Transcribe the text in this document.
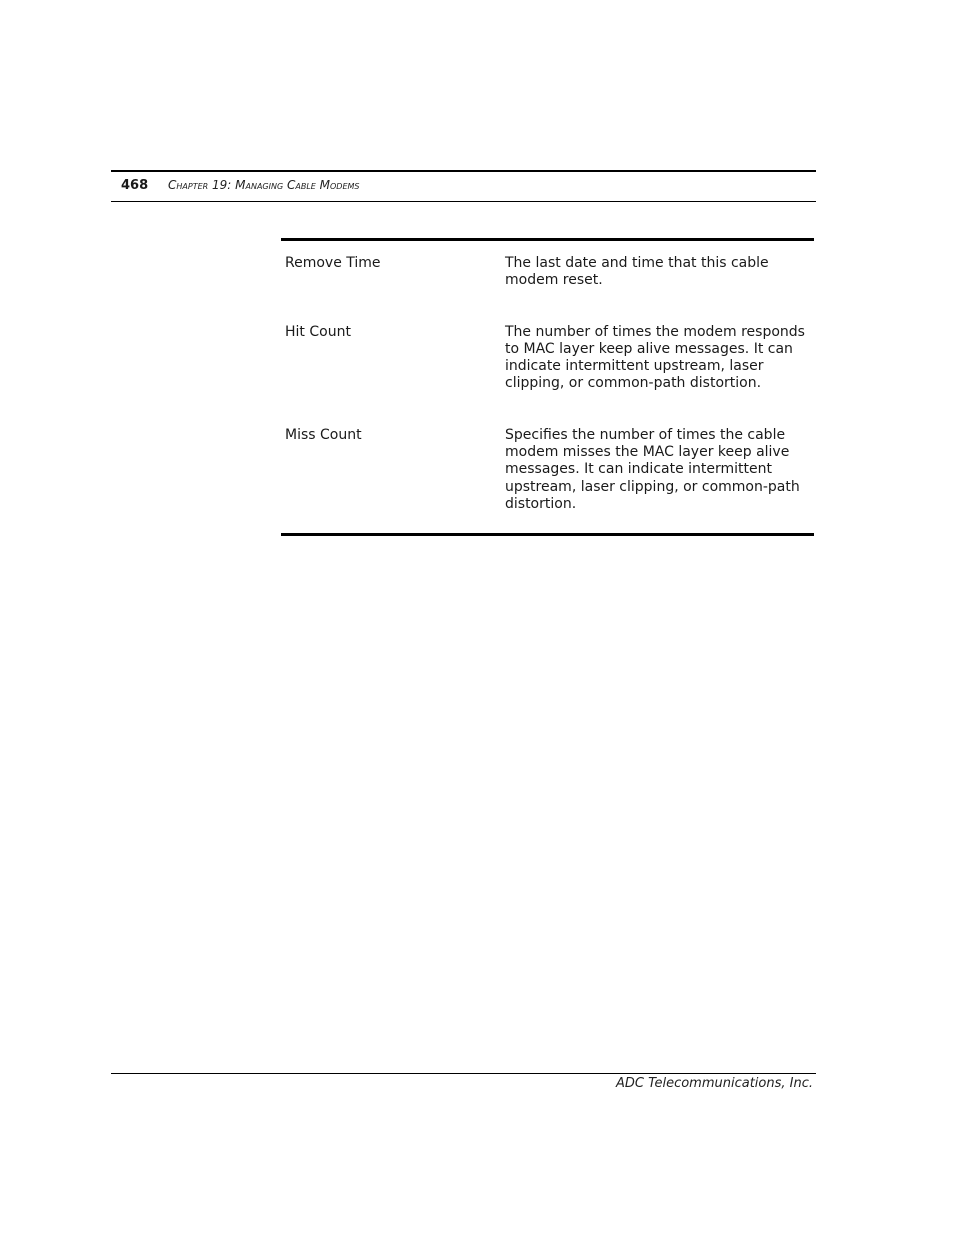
468 Chapter 19: Managing Cable Modems
Remove Time	The last date and time that this cable modem reset.
Hit Count	The number of times the modem responds to MAC layer keep alive messages. It can indicate intermittent upstream, laser clipping, or common-path distortion.
Miss Count	Specifies the number of times the cable modem misses the MAC layer keep alive messages. It can indicate intermittent upstream, laser clipping, or common-path distortion.
ADC Telecommunications, Inc.
